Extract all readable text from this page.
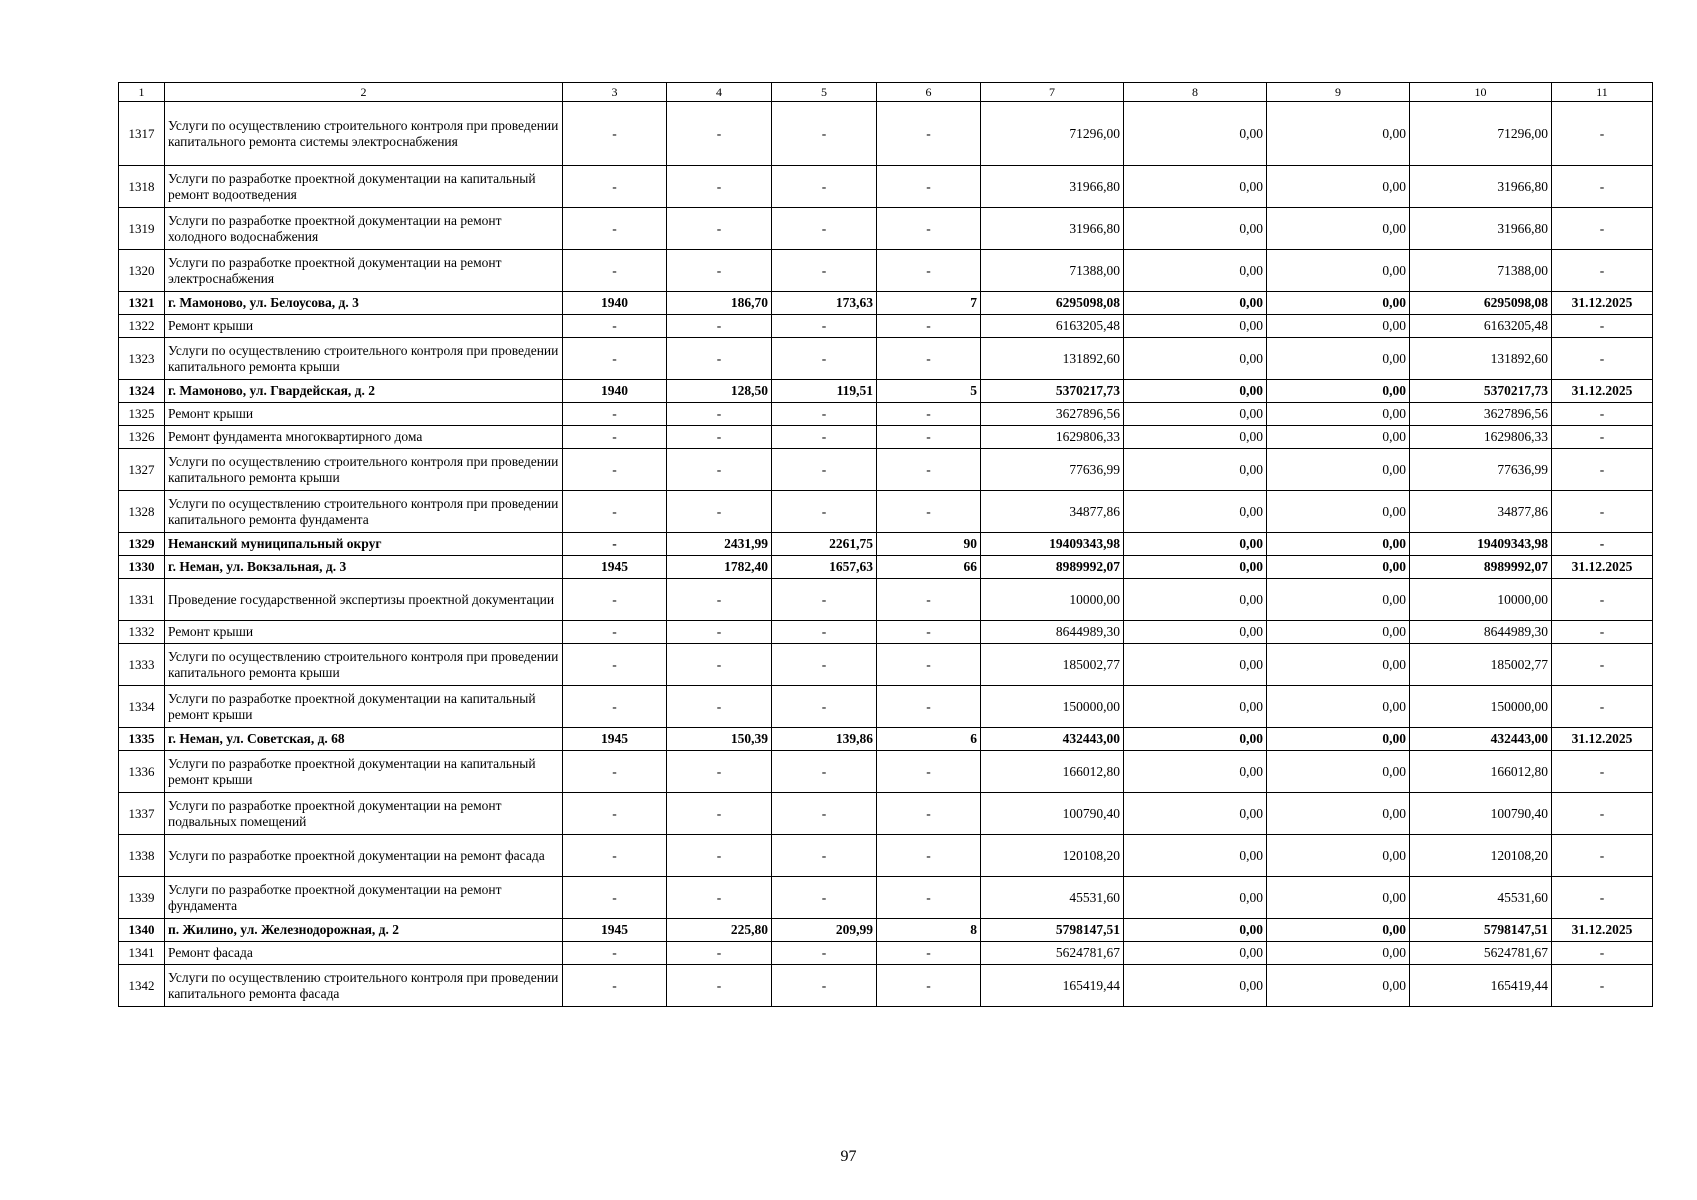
1	2	3	4	5	6	7	8	9	10	11
1317	Услуги по осуществлению строительного контроля при проведении капитального ремонта системы электроснабжения	-	-	-	-	71296,00	0,00	0,00	71296,00	-
1318	Услуги по разработке проектной документации на капитальный ремонт водоотведения	-	-	-	-	31966,80	0,00	0,00	31966,80	-
1319	Услуги по разработке проектной документации на ремонт холодного водоснабжения	-	-	-	-	31966,80	0,00	0,00	31966,80	-
1320	Услуги по разработке проектной документации на ремонт электроснабжения	-	-	-	-	71388,00	0,00	0,00	71388,00	-
1321	г. Мамоново, ул. Белоусова, д. 3	1940	186,70	173,63	7	6295098,08	0,00	0,00	6295098,08	31.12.2025
1322	Ремонт крыши	-	-	-	-	6163205,48	0,00	0,00	6163205,48	-
1323	Услуги по осуществлению строительного контроля при проведении капитального ремонта крыши	-	-	-	-	131892,60	0,00	0,00	131892,60	-
1324	г. Мамоново, ул. Гвардейская, д. 2	1940	128,50	119,51	5	5370217,73	0,00	0,00	5370217,73	31.12.2025
1325	Ремонт крыши	-	-	-	-	3627896,56	0,00	0,00	3627896,56	-
1326	Ремонт фундамента многоквартирного дома	-	-	-	-	1629806,33	0,00	0,00	1629806,33	-
1327	Услуги по осуществлению строительного контроля при проведении капитального ремонта крыши	-	-	-	-	77636,99	0,00	0,00	77636,99	-
1328	Услуги по осуществлению строительного контроля при проведении капитального ремонта фундамента	-	-	-	-	34877,86	0,00	0,00	34877,86	-
1329	Неманский муниципальный округ	-	2431,99	2261,75	90	19409343,98	0,00	0,00	19409343,98	-
1330	г. Неман, ул. Вокзальная, д. 3	1945	1782,40	1657,63	66	8989992,07	0,00	0,00	8989992,07	31.12.2025
1331	Проведение государственной экспертизы проектной документации	-	-	-	-	10000,00	0,00	0,00	10000,00	-
1332	Ремонт крыши	-	-	-	-	8644989,30	0,00	0,00	8644989,30	-
1333	Услуги по осуществлению строительного контроля при проведении капитального ремонта крыши	-	-	-	-	185002,77	0,00	0,00	185002,77	-
1334	Услуги по разработке проектной документации на капитальный ремонт крыши	-	-	-	-	150000,00	0,00	0,00	150000,00	-
1335	г. Неман, ул. Советская, д. 68	1945	150,39	139,86	6	432443,00	0,00	0,00	432443,00	31.12.2025
1336	Услуги по разработке проектной документации на капитальный ремонт крыши	-	-	-	-	166012,80	0,00	0,00	166012,80	-
1337	Услуги по разработке проектной документации на ремонт подвальных помещений	-	-	-	-	100790,40	0,00	0,00	100790,40	-
1338	Услуги по разработке проектной документации на ремонт фасада	-	-	-	-	120108,20	0,00	0,00	120108,20	-
1339	Услуги по разработке проектной документации на ремонт фундамента	-	-	-	-	45531,60	0,00	0,00	45531,60	-
1340	п. Жилино, ул. Железнодорожная, д. 2	1945	225,80	209,99	8	5798147,51	0,00	0,00	5798147,51	31.12.2025
1341	Ремонт фасада	-	-	-	-	5624781,67	0,00	0,00	5624781,67	-
1342	Услуги по осуществлению строительного контроля при проведении капитального ремонта фасада	-	-	-	-	165419,44	0,00	0,00	165419,44	-
97
